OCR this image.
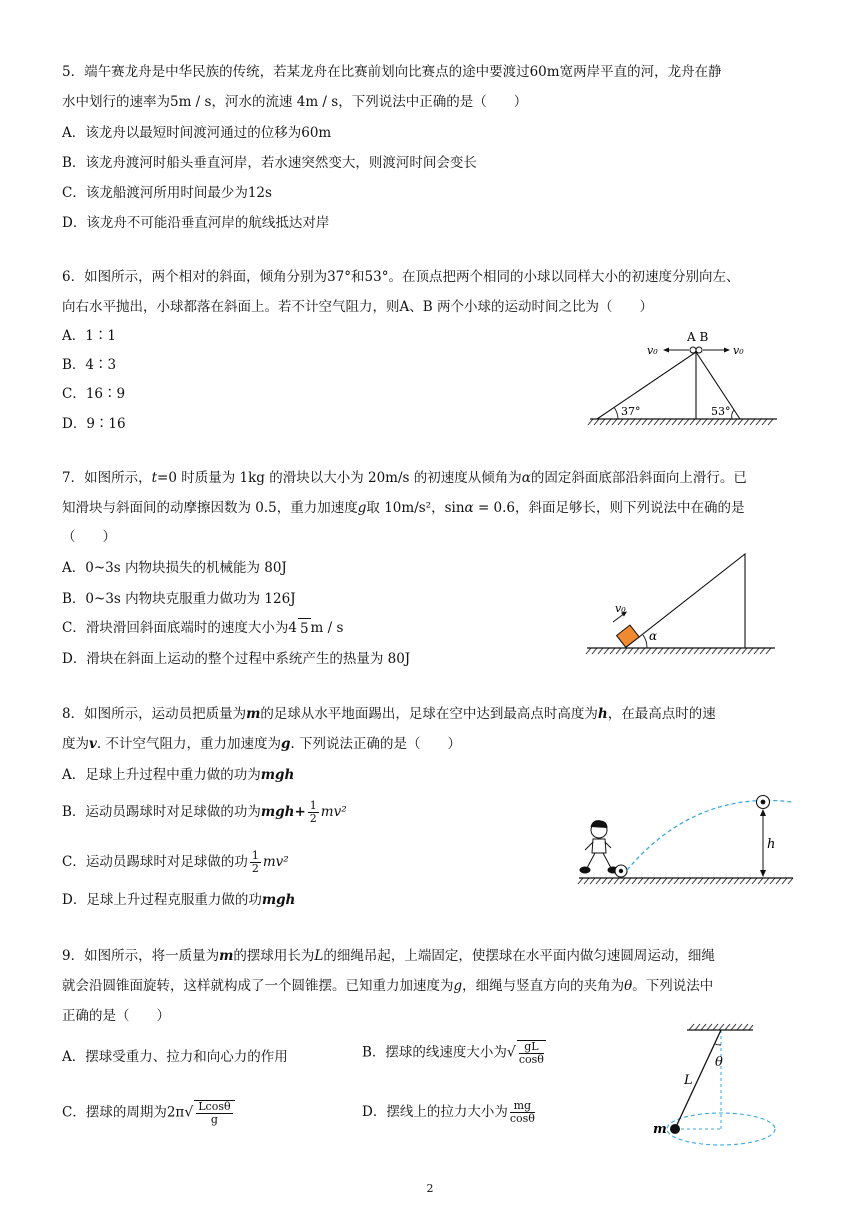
5．端午赛龙舟是中华民族的传统，若某龙舟在比赛前划向比赛点的途中要渡过60m宽两岸平直的河，龙舟在静
水中划行的速率为5m / s，河水的流速 4m / s，下列说法中正确的是（　　）
A．该龙舟以最短时间渡河通过的位移为60m
B．该龙舟渡河时船头垂直河岸，若水速突然变大，则渡河时间会变长
C．该龙船渡河所用时间最少为12s
D．该龙舟不可能沿垂直河岸的航线抵达对岸
6．如图所示，两个相对的斜面，倾角分别为37°和53°。在顶点把两个相同的小球以同样大小的初速度分别向左、
向右水平抛出，小球都落在斜面上。若不计空气阻力，则A、B 两个小球的运动时间之比为（　　）
A．1∶1
B．4∶3
C．16∶9
D．9∶16
A B
v₀	v₀
37°	53°
7．如图所示，t=0 时质量为 1kg 的滑块以大小为 20m/s 的初速度从倾角为α的固定斜面底部沿斜面向上滑行。已
知滑块与斜面间的动摩擦因数为 0.5，重力加速度g取 10m/s²，sinα = 0.6，斜面足够长，则下列说法中在确的是
（　　）
A．0~3s 内物块损失的机械能为 80J
B．0~3s 内物块克服重力做功为 126J
C．滑块滑回斜面底端时的速度大小为4 5 m / s
D．滑块在斜面上运动的整个过程中系统产生的热量为 80J
v₀
α
8．如图所示，运动员把质量为m的足球从水平地面踢出，足球在空中达到最高点时高度为h，在最高点时的速
度为v. 不计空气阻力，重力加速度为g. 下列说法正确的是（　　）
A．足球上升过程中重力做的功为mgh
B．运动员踢球时对足球做的功为$mgh+ \frac{1}{2} mv^2$
C．运动员踢球时对足球做的功 $\frac{1}{2} mv^2$
D．足球上升过程克服重力做的功mgh
h
9．如图所示，将一质量为m的摆球用长为L的细绳吊起，上端固定，使摆球在水平面内做匀速圆周运动，细绳
就会沿圆锥面旋转，这样就构成了一个圆锥摆。已知重力加速度为g，细绳与竖直方向的夹角为θ。下列说法中
正确的是（　　）
A．摆球受重力、拉力和向心力的作用	B．摆球的线速度大小为√ $\frac{gL}{\cos\theta}$
C．摆球的周期为$2\pi√ \frac{Lcos\theta}{g}$	D．摆线上的拉力大小为 $\frac{mg}{\cos\theta}$
θ
L
m
2
